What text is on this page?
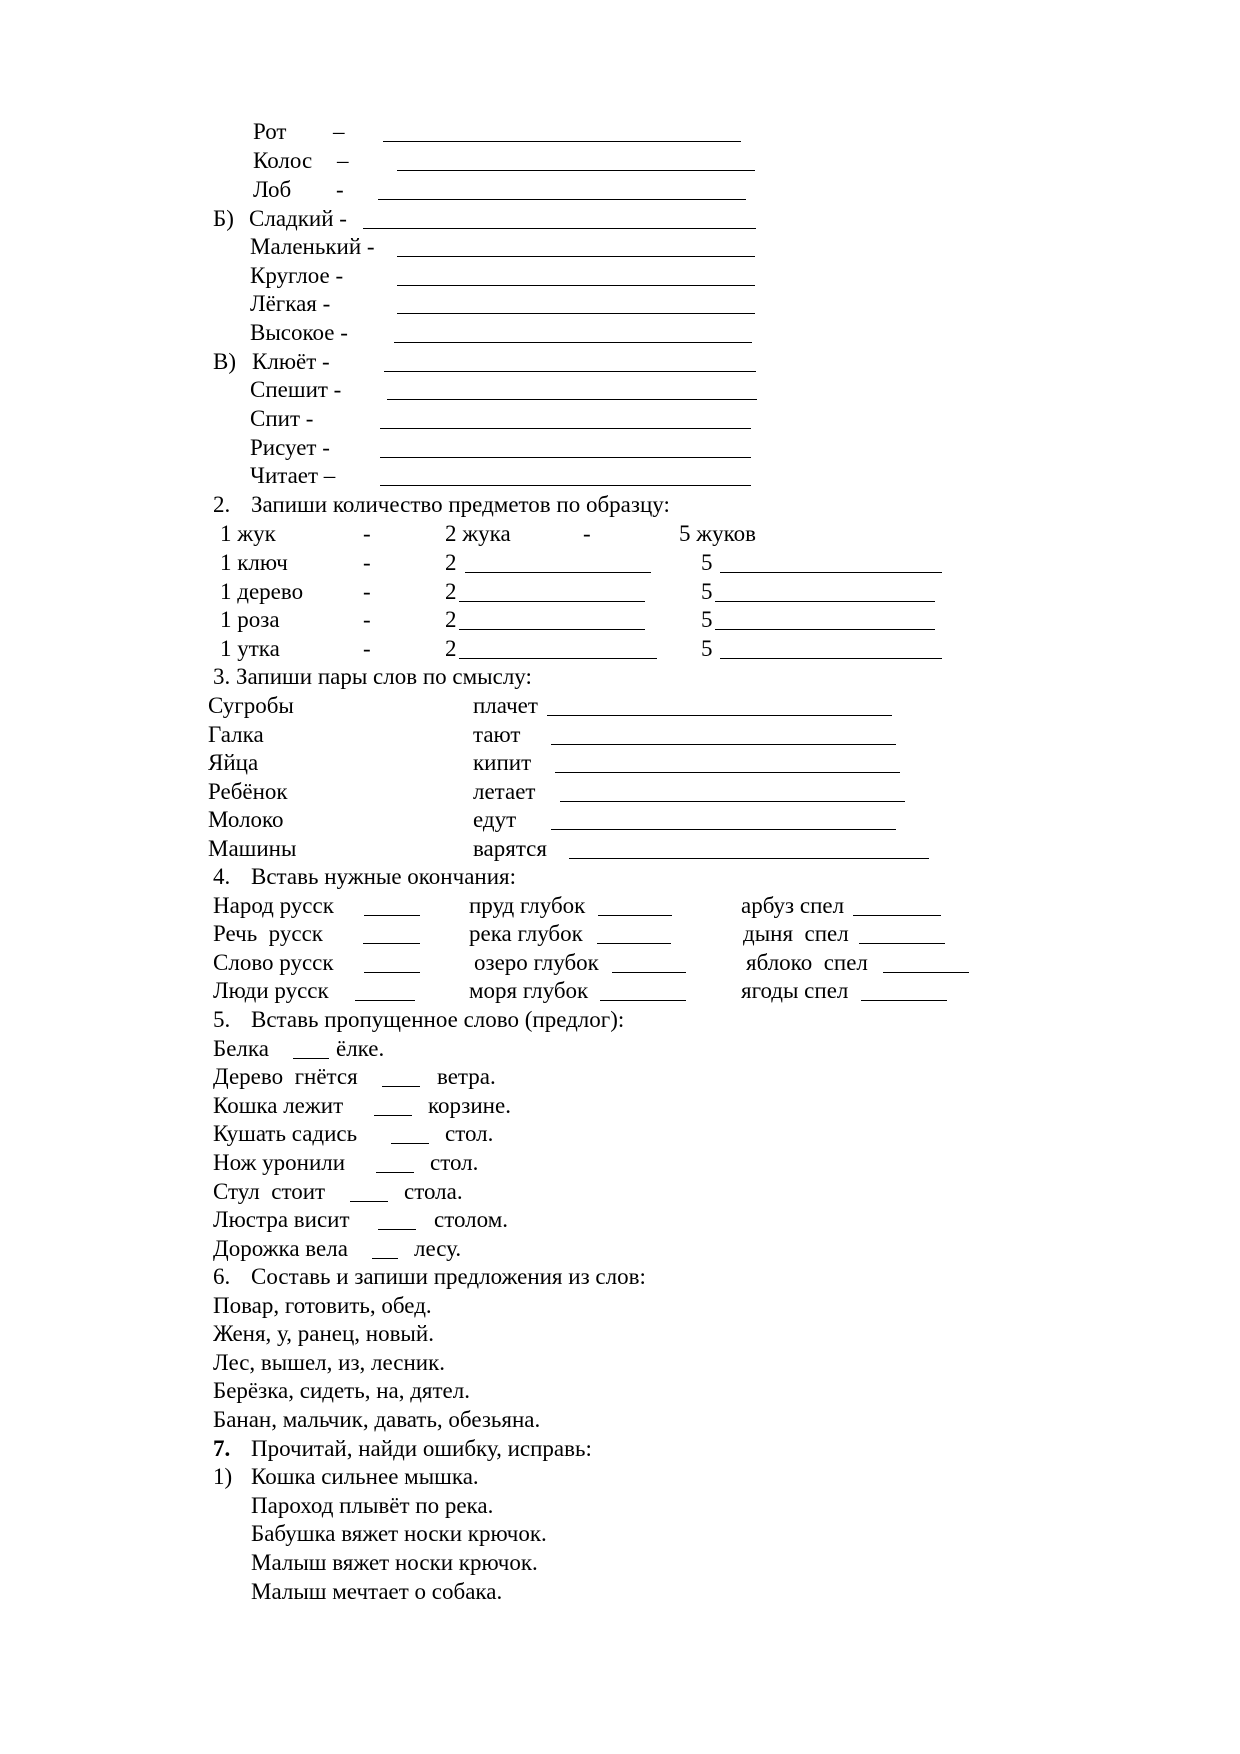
Рот –
Колос –
Лоб -
Б) Сладкий -
Маленький -
Круглое -
Лёгкая -
Высокое -
В) Клюёт -
Спешит -
Спит -
Рисует -
Читает –
2. Запиши количество предметов по образцу:
1 жук	-	2 жука	-	5 жуков
1 ключ	-	2	5
1 дерево	-	2	5
1 роза	-	2	5
1 утка	-	2	5
3. Запиши пары слов по смыслу:
Сугробы	плачет
Галка	тают
Яйца	кипит
Ребёнок	летает
Молоко	едут
Машины	варятся
4. Вставь нужные окончания:
Народ русск	пруд глубок	арбуз спел
Речь  русск	река глубок	дыня  спел
Слово русск	озеро глубок	яблоко  спел
Люди русск	моря глубок	ягоды спел
5. Вставь пропущенное слово (предлог):
Белка	ёлке.
Дерево  гнётся	ветра.
Кошка лежит	корзине.
Кушать садись	стол.
Нож уронили	стол.
Стул  стоит	стола.
Люстра висит	столом.
Дорожка вела	лесу.
6. Составь и запиши предложения из слов:
Повар, готовить, обед.
Женя, у, ранец, новый.
Лес, вышел, из, лесник.
Берёзка, сидеть, на, дятел.
Банан, мальчик, давать, обезьяна.
7. Прочитай, найди ошибку, исправь:
1) Кошка сильнее мышка.
Пароход плывёт по река.
Бабушка вяжет носки крючок.
Малыш вяжет носки крючок.
Малыш мечтает о собака.
